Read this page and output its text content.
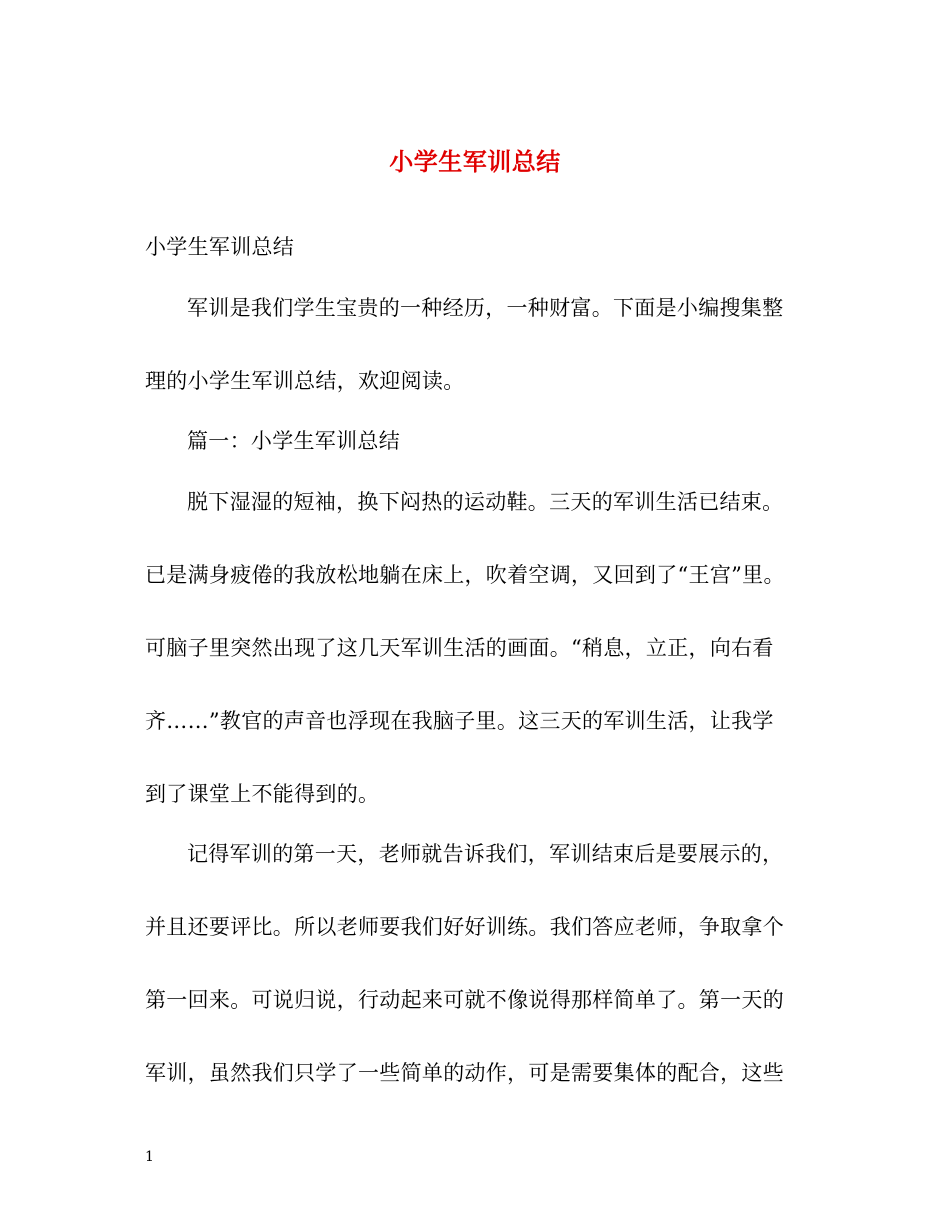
小学生军训总结
小学生军训总结
军训是我们学生宝贵的一种经历，一种财富。下面是小编搜集整
理的小学生军训总结，欢迎阅读。
篇一：小学生军训总结
脱下湿湿的短袖，换下闷热的运动鞋。三天的军训生活已结束。
已是满身疲倦的我放松地躺在床上，吹着空调，又回到了“王宫”里。
可脑子里突然出现了这几天军训生活的画面。“稍息，立正，向右看
齐……”教官的声音也浮现在我脑子里。这三天的军训生活，让我学
到了课堂上不能得到的。
记得军训的第一天，老师就告诉我们，军训结束后是要展示的，
并且还要评比。所以老师要我们好好训练。我们答应老师，争取拿个
第一回来。可说归说，行动起来可就不像说得那样简单了。第一天的
军训，虽然我们只学了一些简单的动作，可是需要集体的配合，这些
1
